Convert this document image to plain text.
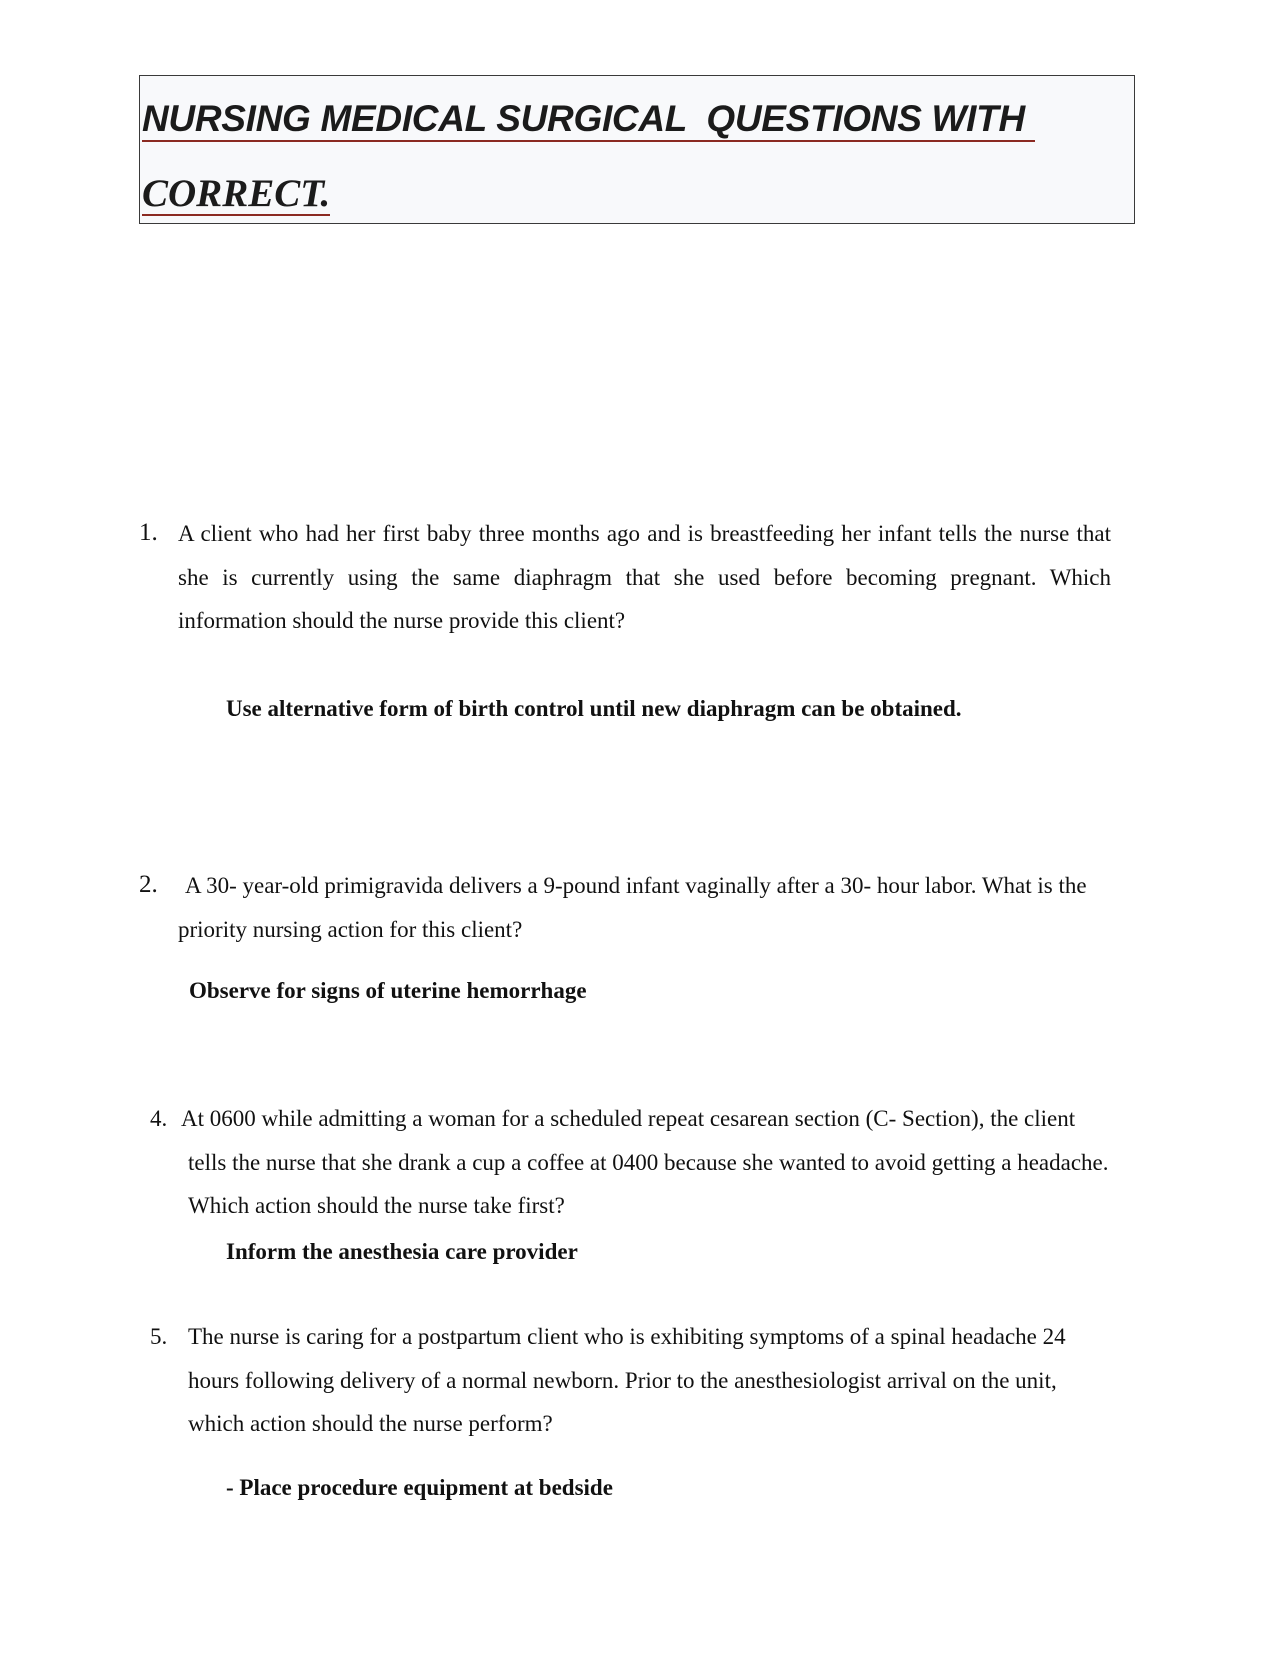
NURSING MEDICAL SURGICAL  QUESTIONS WITH
CORRECT.
1. A client who had her first baby three months ago and is breastfeeding her infant tells the nurse that she is currently using the same diaphragm that she used before becoming pregnant. Which information should the nurse provide this client?
Use alternative form of birth control until new diaphragm can be obtained.
2.	A 30- year-old primigravida delivers a 9-pound infant vaginally after a 30- hour labor. What is the priority nursing action for this client?
Observe for signs of uterine hemorrhage
4. At 0600 while admitting a woman for a scheduled repeat cesarean section (C- Section), the client tells the nurse that she drank a cup a coffee at 0400 because she wanted to avoid getting a headache. Which action should the nurse take first?
Inform the anesthesia care provider
5. The nurse is caring for a postpartum client who is exhibiting symptoms of a spinal headache 24 hours following delivery of a normal newborn. Prior to the anesthesiologist arrival on the unit, which action should the nurse perform?
- Place procedure equipment at bedside
